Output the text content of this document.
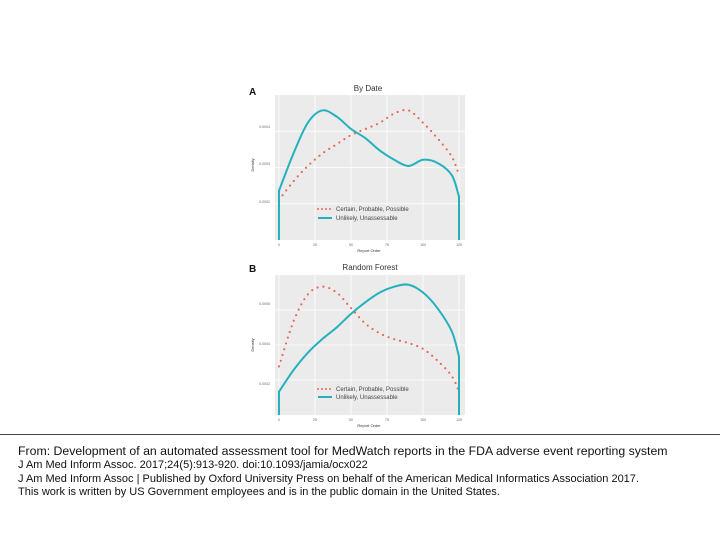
A	By Date
0.0004
0.0003
0.0002
0	25	50	75	100	125
Report Order
Density
Certain, Probable, Possible
Unlikely, Unassessable
B	Random Forest
0.0006
0.0004
0.0002
0	25	50	75	100	125
Report Order
Density
Certain, Probable, Possible
Unlikely, Unassessable
From: Development of an automated assessment tool for MedWatch reports in the FDA adverse event reporting system
J Am Med Inform Assoc. 2017;24(5):913-920. doi:10.1093/jamia/ocx022
J Am Med Inform Assoc | Published by Oxford University Press on behalf of the American Medical Informatics Association 2017.
This work is written by US Government employees and is in the public domain in the United States.
